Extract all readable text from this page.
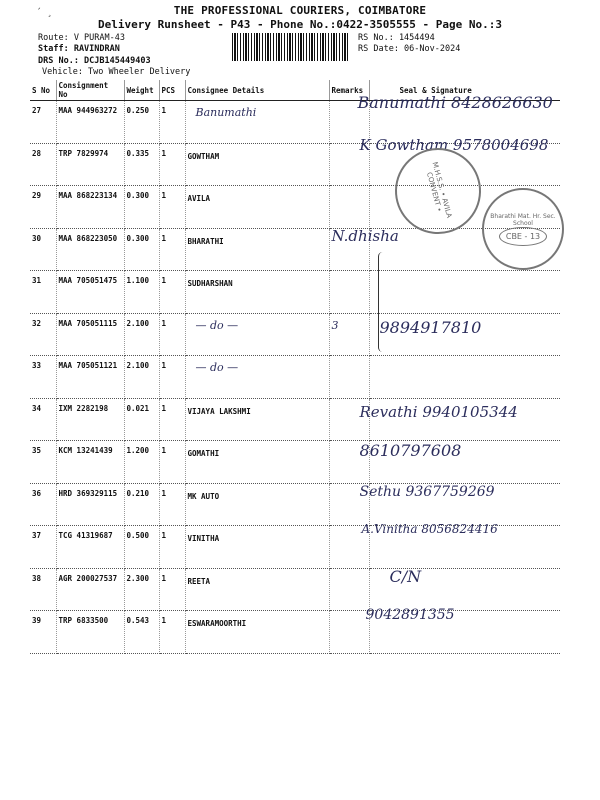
´ ¸	THE PROFESSIONAL COURIERS, COIMBATORE
Delivery Runsheet - P43 - Phone No.:0422-3505555 - Page No.:3
Route: V PURAM-43
Staff: RAVINDRAN
DRS No.: DCJB145449403
Vehicle: Two Wheeler Delivery
RS No.: 1454494
RS Date: 06-Nov-2024
S No	Consignment No	Weight	PCS	Consignee Details	Remarks	Seal & Signature
27	MAA 944963272	0.250	1	Banumathi		Banumathi 8428626630

28	TRP 7829974	0.335	1	GOWTHAM		K Gowtham 9578004698

29	MAA 868223134	0.300	1	AVILA		

30	MAA 868223050	0.300	1	BHARATHI		N.dhisha

31	MAA 705051475	1.100	1	SUDHARSHAN		

32	MAA 705051115	2.100	1	— do —	3	9894917810

33	MAA 705051121	2.100	1	— do —		

34	IXM 2282198	0.021	1	VIJAYA LAKSHMI		Revathi 9940105344

35	KCM 13241439	1.200	1	GOMATHI		8610797608

36	HRD 369329115	0.210	1	MK AUTO		Sethu 9367759269

37	TCG 41319687	0.500	1	VINITHA		A.Vinitha 8056824416

38	AGR 200027537	2.300	1	REETA		C/N

39	TRP 6833500	0.543	1	ESWARAMOORTHI		9042891355
M.H.S.S. • AVILA CONVENT •
Bharathi Mat. Hr. Sec. School
CBE - 13
